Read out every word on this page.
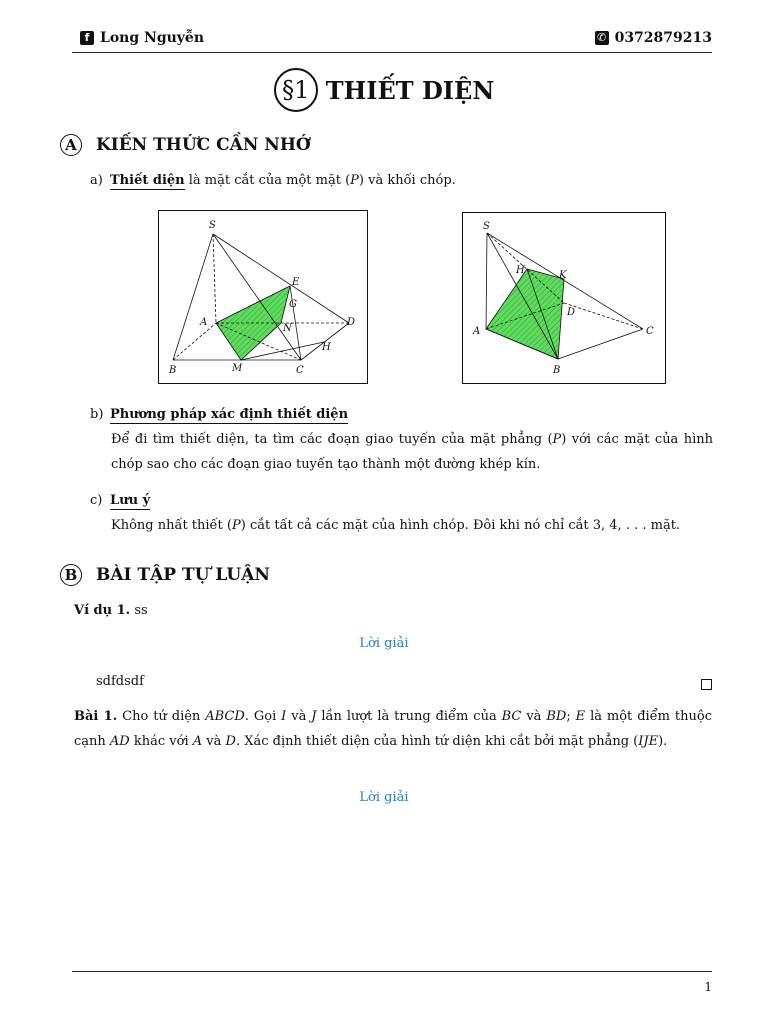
f Long Nguyễn	✆ 0372879213
§1 THIẾT DIỆN
A	KIẾN THỨC CẦN NHỚ
a) Thiết diện là mặt cắt của một mặt (P) và khối chóp.
S
E
G
A
N
D
H
B	M	C
S
H	K
D
A	C
B
b) Phương pháp xác định thiết diện
Để đi tìm thiết diện, ta tìm các đoạn giao tuyến của mặt phẳng (P) với các mặt của hình chóp sao cho các đoạn giao tuyến tạo thành một đường khép kín.
c) Lưu ý
Không nhất thiết (P) cắt tất cả các mặt của hình chóp. Đôi khi nó chỉ cắt 3, 4, . . . mặt.
B BÀI TẬP TỰ LUẬN
Ví dụ 1. ss
Lời giải
sdfdsdf
Bài 1. Cho tứ diện ABCD. Gọi I và J lần lượt là trung điểm của BC và BD; E là một điểm thuộc cạnh AD khác với A và D. Xác định thiết diện của hình tứ diện khi cắt bởi mặt phẳng (IJE).
Lời giải
1
